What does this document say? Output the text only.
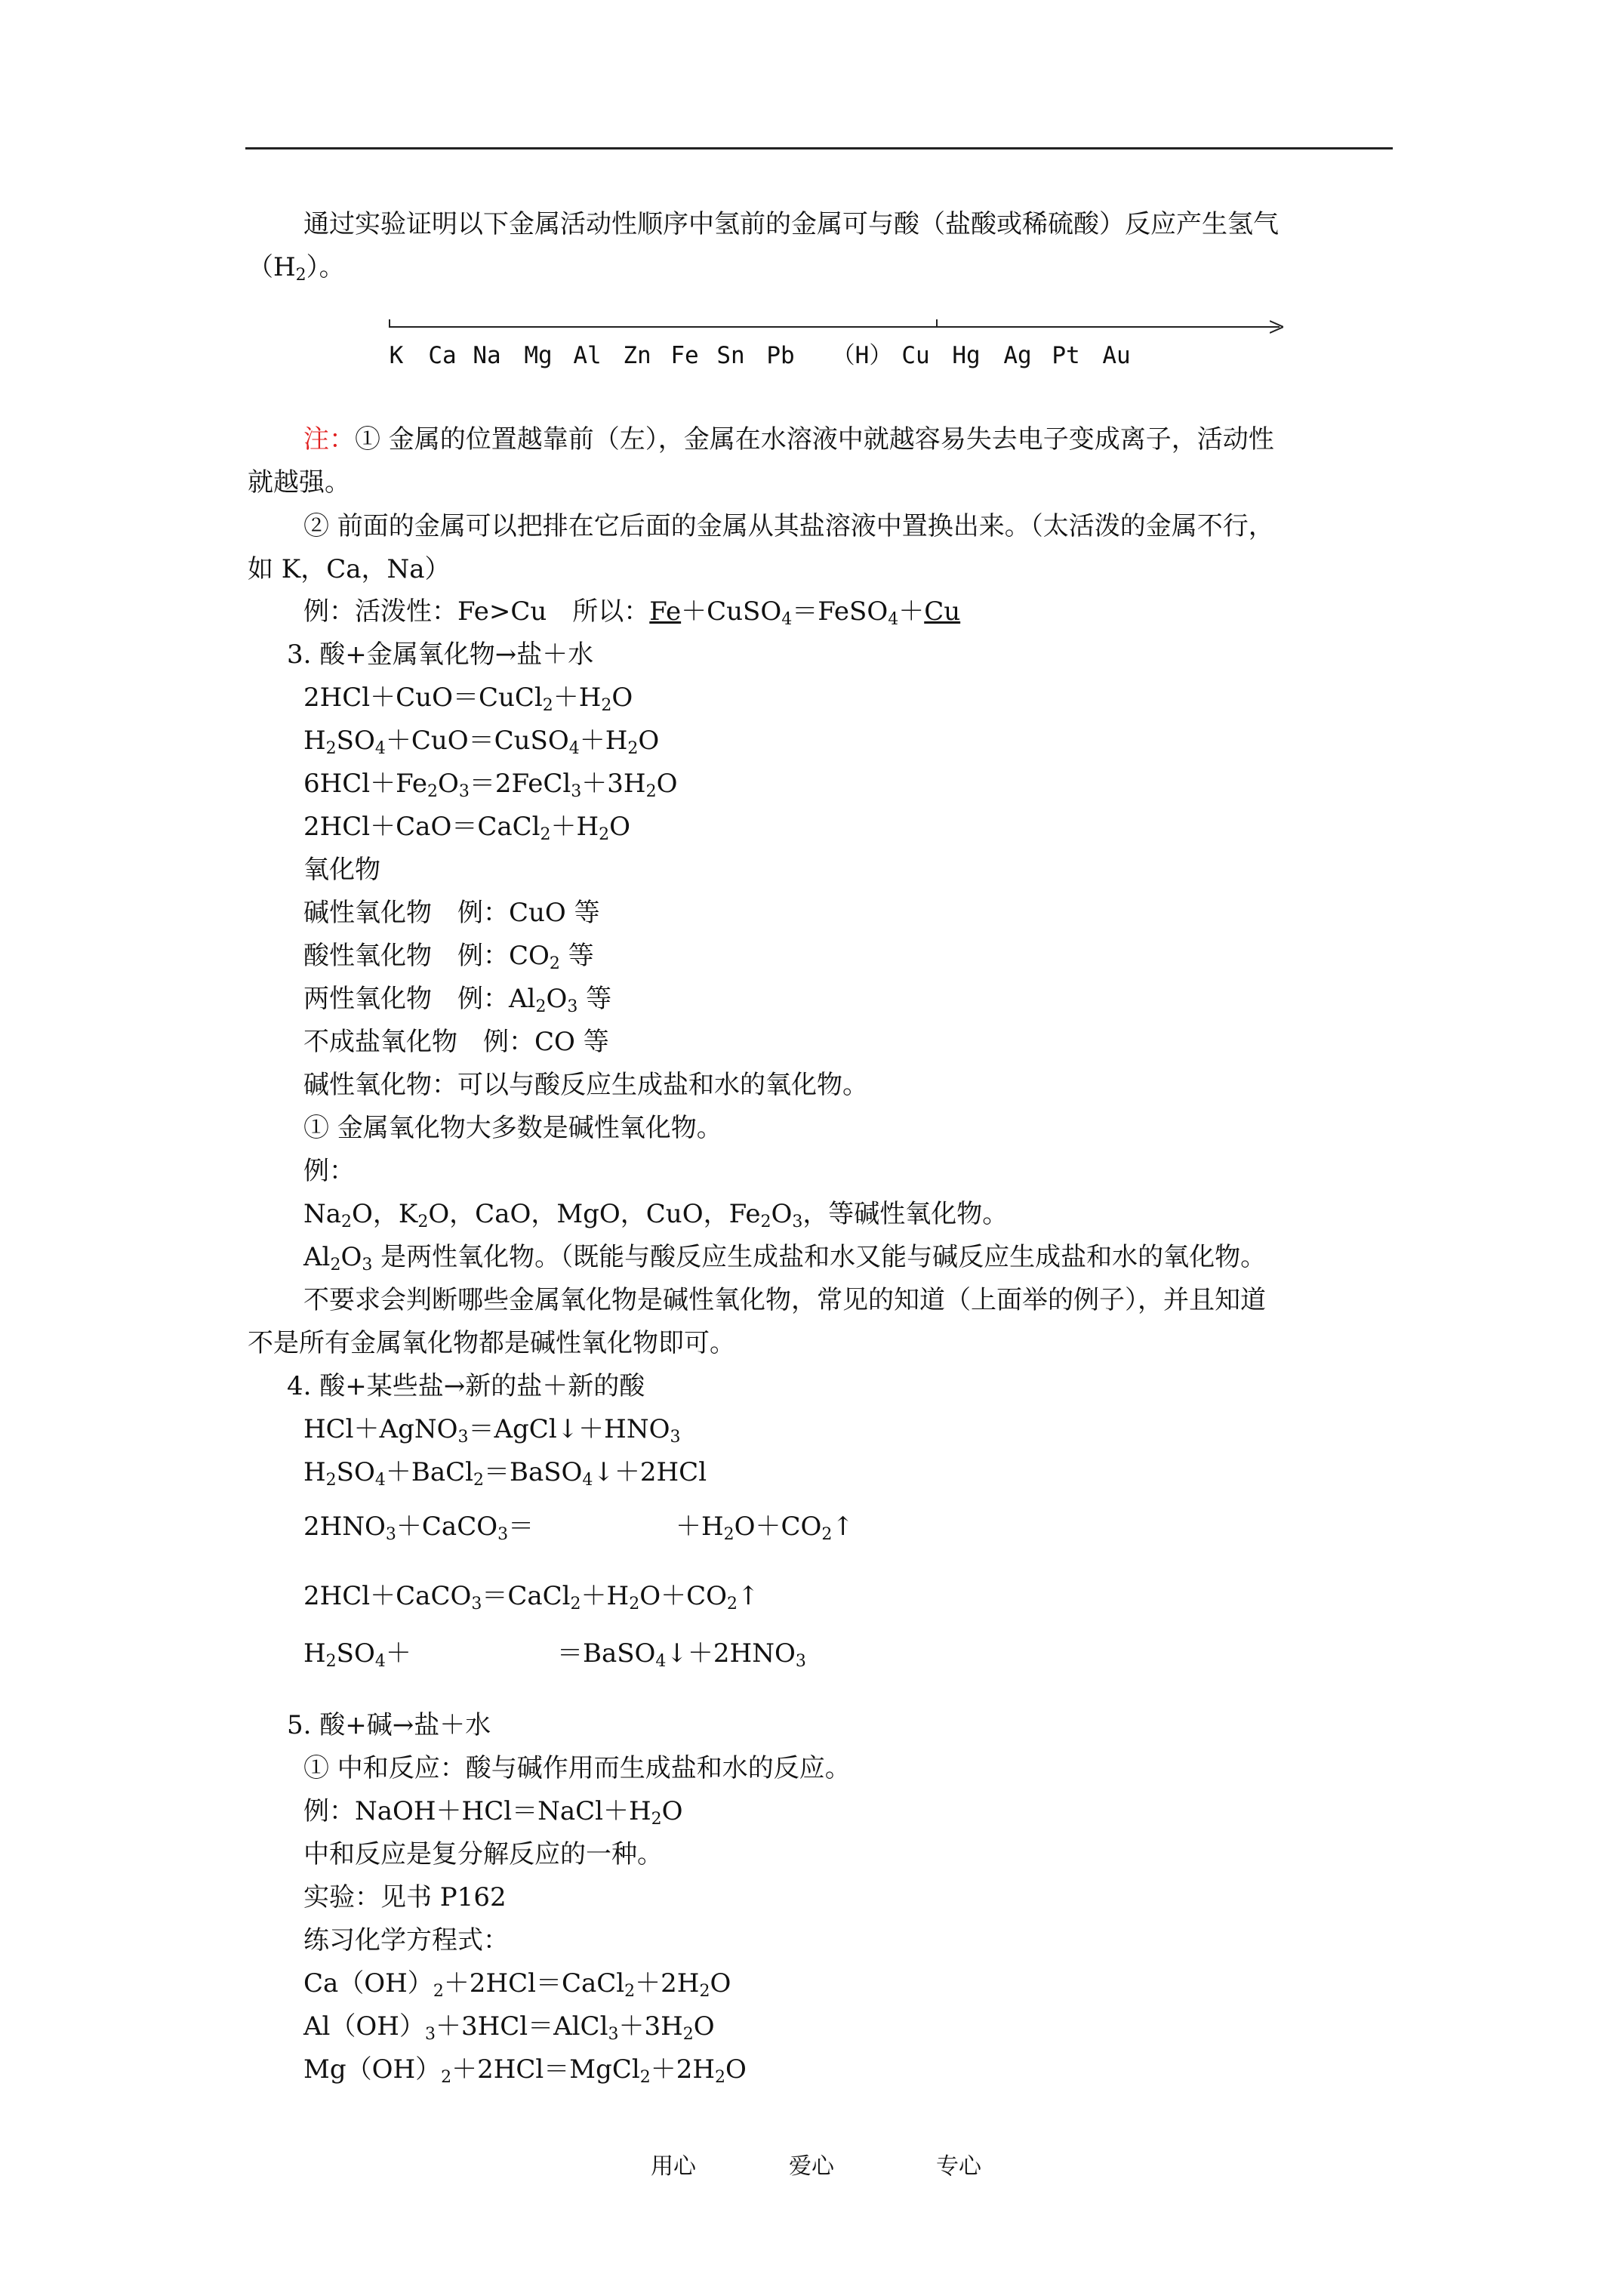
通过实验证明以下金属活动性顺序中氢前的金属可与酸（盐酸或稀硫酸）反应产生氢气
$(H_2)$。
K Ca Na Mg Al Zn Fe Sn Pb （H） Cu Hg Ag Pt Au
注：① 金属的位置越靠前（左），金属在水溶液中就越容易失去电子变成离子，活动性
就越强。
② 前面的金属可以把排在它后面的金属从其盐溶液中置换出来。（太活泼的金属不行，
如 K，Ca，Na）
例：活泼性：Fe>Cu　所以：Fe＋CuSO$_4$＝FeSO$_4$＋Cu
3. 酸+金属氧化物→盐＋水
$2HCl+CuO=CuCl_2+H_2O$
$H_2SO_4+CuO=CuSO_4+H_2O$
$6HCl+Fe_2O_3=2FeCl_3+3H_2O$
$2HCl+CaO=CaCl_2+H_2O$
氧化物
碱性氧化物　例：CuO 等
酸性氧化物　例：$CO_2$ 等
两性氧化物　例：$Al_2O_3$ 等
不成盐氧化物　例：CO 等
碱性氧化物：可以与酸反应生成盐和水的氧化物。
① 金属氧化物大多数是碱性氧化物。
例：
$Na_2O$，$K_2O$，CaO，MgO，CuO，$Fe_2O_3$，等碱性氧化物。
$Al_2O_3$ 是两性氧化物。（既能与酸反应生成盐和水又能与碱反应生成盐和水的氧化物。
不要求会判断哪些金属氧化物是碱性氧化物，常见的知道（上面举的例子），并且知道
不是所有金属氧化物都是碱性氧化物即可。
4. 酸+某些盐→新的盐＋新的酸
$HCl+AgNO_3=AgCl↓+HNO_3$
$H_2SO_4+BaCl_2=BaSO_4↓+2HCl$
$2HNO_3+CaCO_3=$	$+H_2O+CO_2↑$
$2HCl+CaCO_3=CaCl_2+H_2O+CO_2↑$
$H_2SO_4+$	$=BaSO_4↓+2HNO_3$
5. 酸+碱→盐＋水
① 中和反应：酸与碱作用而生成盐和水的反应。
例：$NaOH+HCl=NaCl+H_2O$
中和反应是复分解反应的一种。
实验：见书 P162
练习化学方程式：
$Ca(OH)_2+2HCl=CaCl_2+2H_2O$
$Al(OH)_3+3HCl=AlCl_3+3H_2O$
$Mg(OH)_2+2HCl=MgCl_2+2H_2O$
用心	爱心	专心
